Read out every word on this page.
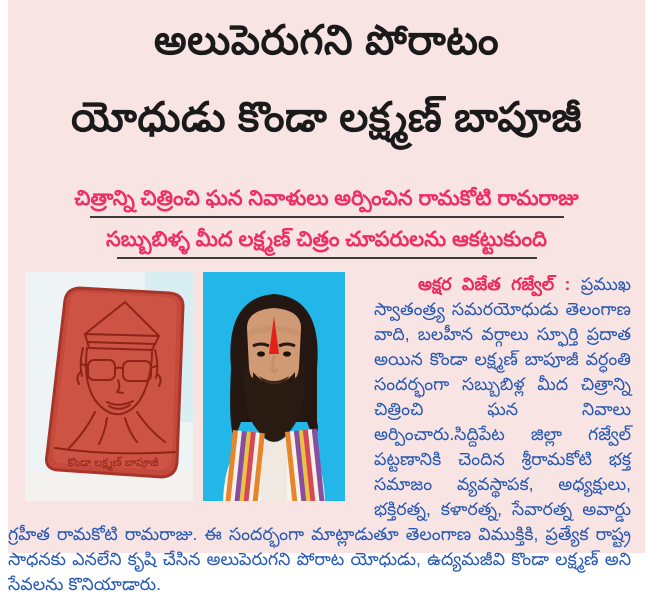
అలుపెరుగని పోరాటం
యోధుడు కొండా లక్ష్మణ్ బాపూజీ
చిత్రాన్ని చిత్రించి ఘన నివాళులు అర్పించిన రామకోటి రామరాజు
సబ్బుబిళ్ళ మీద లక్ష్మణ్ చిత్రం చూపరులను ఆకట్టుకుంది
కొండా లక్ష్మణ్ బాపూజీ

అక్షర విజేత గజ్వేల్ : ప్రముఖ స్వాతంత్ర్య సమరయోధుడు తెలంగాణ వాది, బలహీన వర్గాలు స్ఫూర్తి ప్రదాత అయిన కొండా లక్ష్మణ్ బాపూజీ వర్ధంతి సందర్భంగా సబ్బుబిళ్ల మీద చిత్రాన్ని చిత్రించి ఘన నివాలు అర్పించారు.సిద్దిపేట జిల్లా గజ్వేల్ పట్టణానికి చెందిన శ్రీరామకోటి భక్త సమాజం వ్యవస్థాపక, అధ్యక్షులు, భక్తిరత్న, కళారత్న, సేవారత్న అవార్డు గ్రహీత రామకోటి రామరాజు. ఈ సందర్భంగా మాట్లాడుతూ తెలంగాణ విముక్తికి, ప్రత్యేక రాష్ట్ర సాధనకు ఎనలేని కృషి చేసిన అలుపెరుగని పోరాట యోధుడు, ఉద్యమజీవి కొండా లక్ష్మణ్ అని సేవలను కొనియాడారు.
